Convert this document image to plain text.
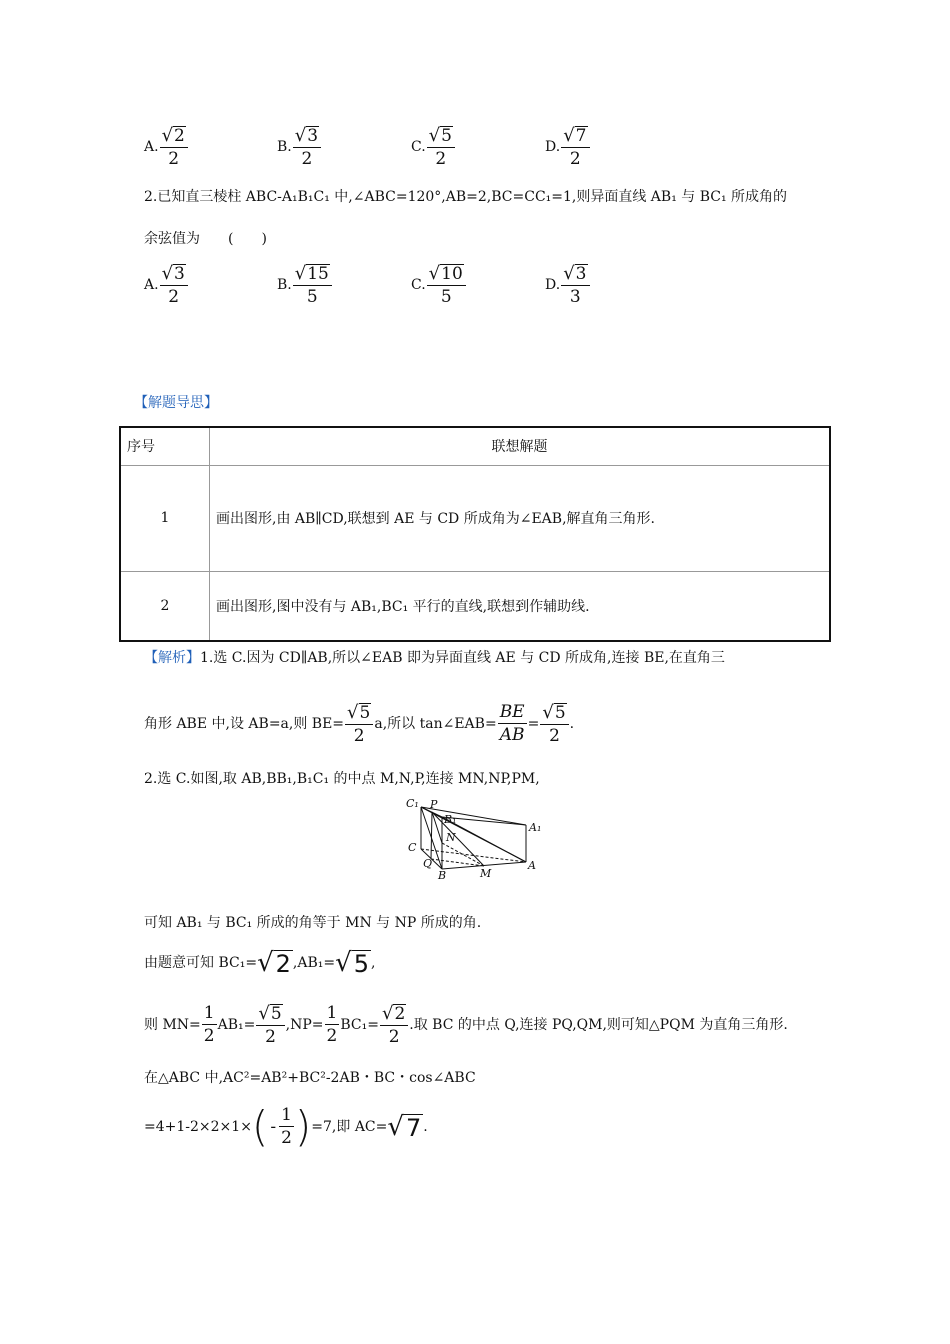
A. $\frac{√ 2}{2}$	B. $\frac{√ 3}{2}$	C. $\frac{√ 5}{2}$	D. $\frac{√ 7}{2}$
2.已知直三棱柱 ABC-A₁B₁C₁ 中,∠ABC=120°,AB=2,BC=CC₁=1,则异面直线 AB₁ 与 BC₁ 所成角的
余弦值为　　(　　)
A. $\frac{√ 3}{2}$	B. $\frac{√ 15}{5}$	C. $\frac{√ 10}{5}$	D. $\frac{√ 3}{3}$
【解题导思】
序号	联想解题
1	画出图形,由 AB∥CD,联想到 AE 与 CD 所成角为∠EAB,解直角三角形.
2	画出图形,图中没有与 AB₁,BC₁ 平行的直线,联想到作辅助线.
【解析】1.选 C.因为 CD∥AB,所以∠EAB 即为异面直线 AE 与 CD 所成角,连接 BE,在直角三
角形 ABE 中,设 AB=a,则 $BE= \frac{√ 5}{2} a$,所以 tan∠EAB= $\frac{BE}{AB} = \frac{√ 5}{2}$ .
2.选 C.如图,取 AB,BB₁,B₁C₁ 的中点 M,N,P,连接 MN,NP,PM,
C₁ P
B₁
A₁
N
C
Q
B	M
A
可知 AB₁ 与 BC₁ 所成的角等于 MN 与 NP 所成的角.
由题意可知 BC₁= √ 2 ,AB₁= √ 5 ,
则 $MN= \frac{1}{2} AB_1= \frac{√ 5}{2} ,NP= \frac{1}{2} BC_1= \frac{√ 2}{2}$ .取 BC 的中点 Q,连接 PQ,QM,则可知△PQM 为直角三角形.
在△ABC 中,AC²=AB²+BC²-2AB・BC・cos∠ABC
=4+1-2×2×1× ( - $\frac{1}{2}$ ) =7,即 AC= √ 7 .
